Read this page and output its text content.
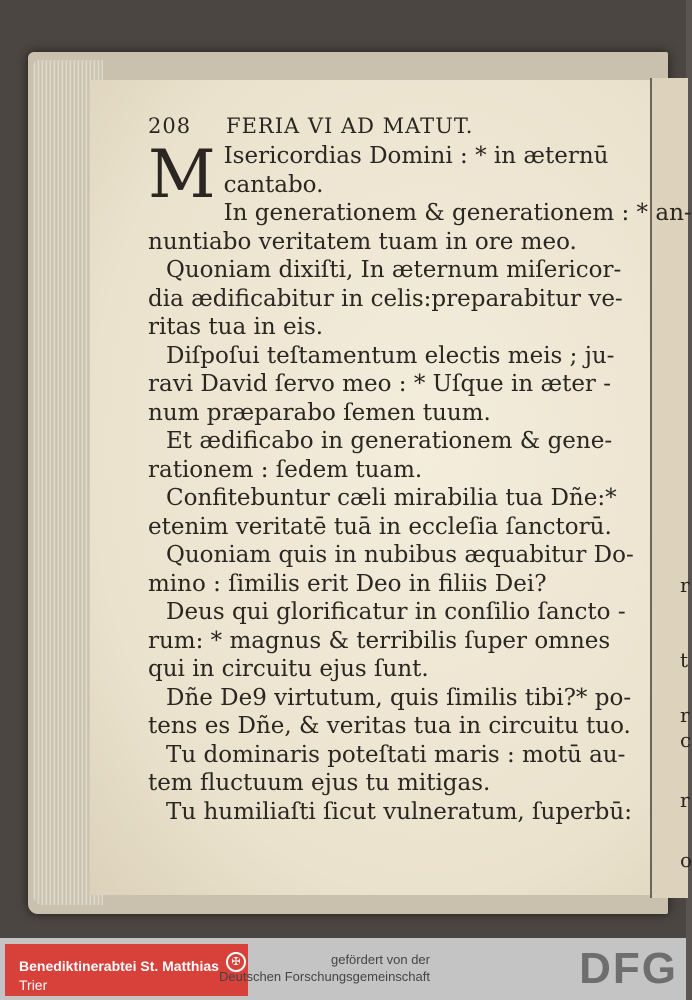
r
t
r
c
r
o
208 FERIA VI AD MATUT.
M Isericordias Domini : * in æternū
cantabo.
In generationem & generationem : * an-
nuntiabo veritatem tuam in ore meo.
Quoniam dixiſti, In æternum miſericor-
dia ædificabitur in celis:preparabitur ve-
ritas tua in eis.
Diſpoſui teſtamentum electis meis ; ju-
ravi David ſervo meo : * Uſque in æter -
num præparabo ſemen tuum.
Et ædificabo in generationem & gene-
rationem : ſedem tuam.
Confitebuntur cæli mirabilia tua Dñe:*
etenim veritatē tuā in eccleſia ſanctorū.
Quoniam quis in nubibus æquabitur Do-
mino : ſimilis erit Deo in filiis Dei?
Deus qui glorificatur in conſilio ſancto -
rum: * magnus & terribilis ſuper omnes
qui in circuitu ejus ſunt.
Dñe De9 virtutum, quis ſimilis tibi?* po-
tens es Dñe, & veritas tua in circuitu tuo.
Tu dominaris poteſtati maris : motū au-
tem fluctuum ejus tu mitigas.
Tu humiliaſti ſicut vulneratum, ſuperbū:
Benediktinerabtei St. Matthias
Trier
✠	gefördert von der
Deutschen Forschungsgemeinschaft	DFG
